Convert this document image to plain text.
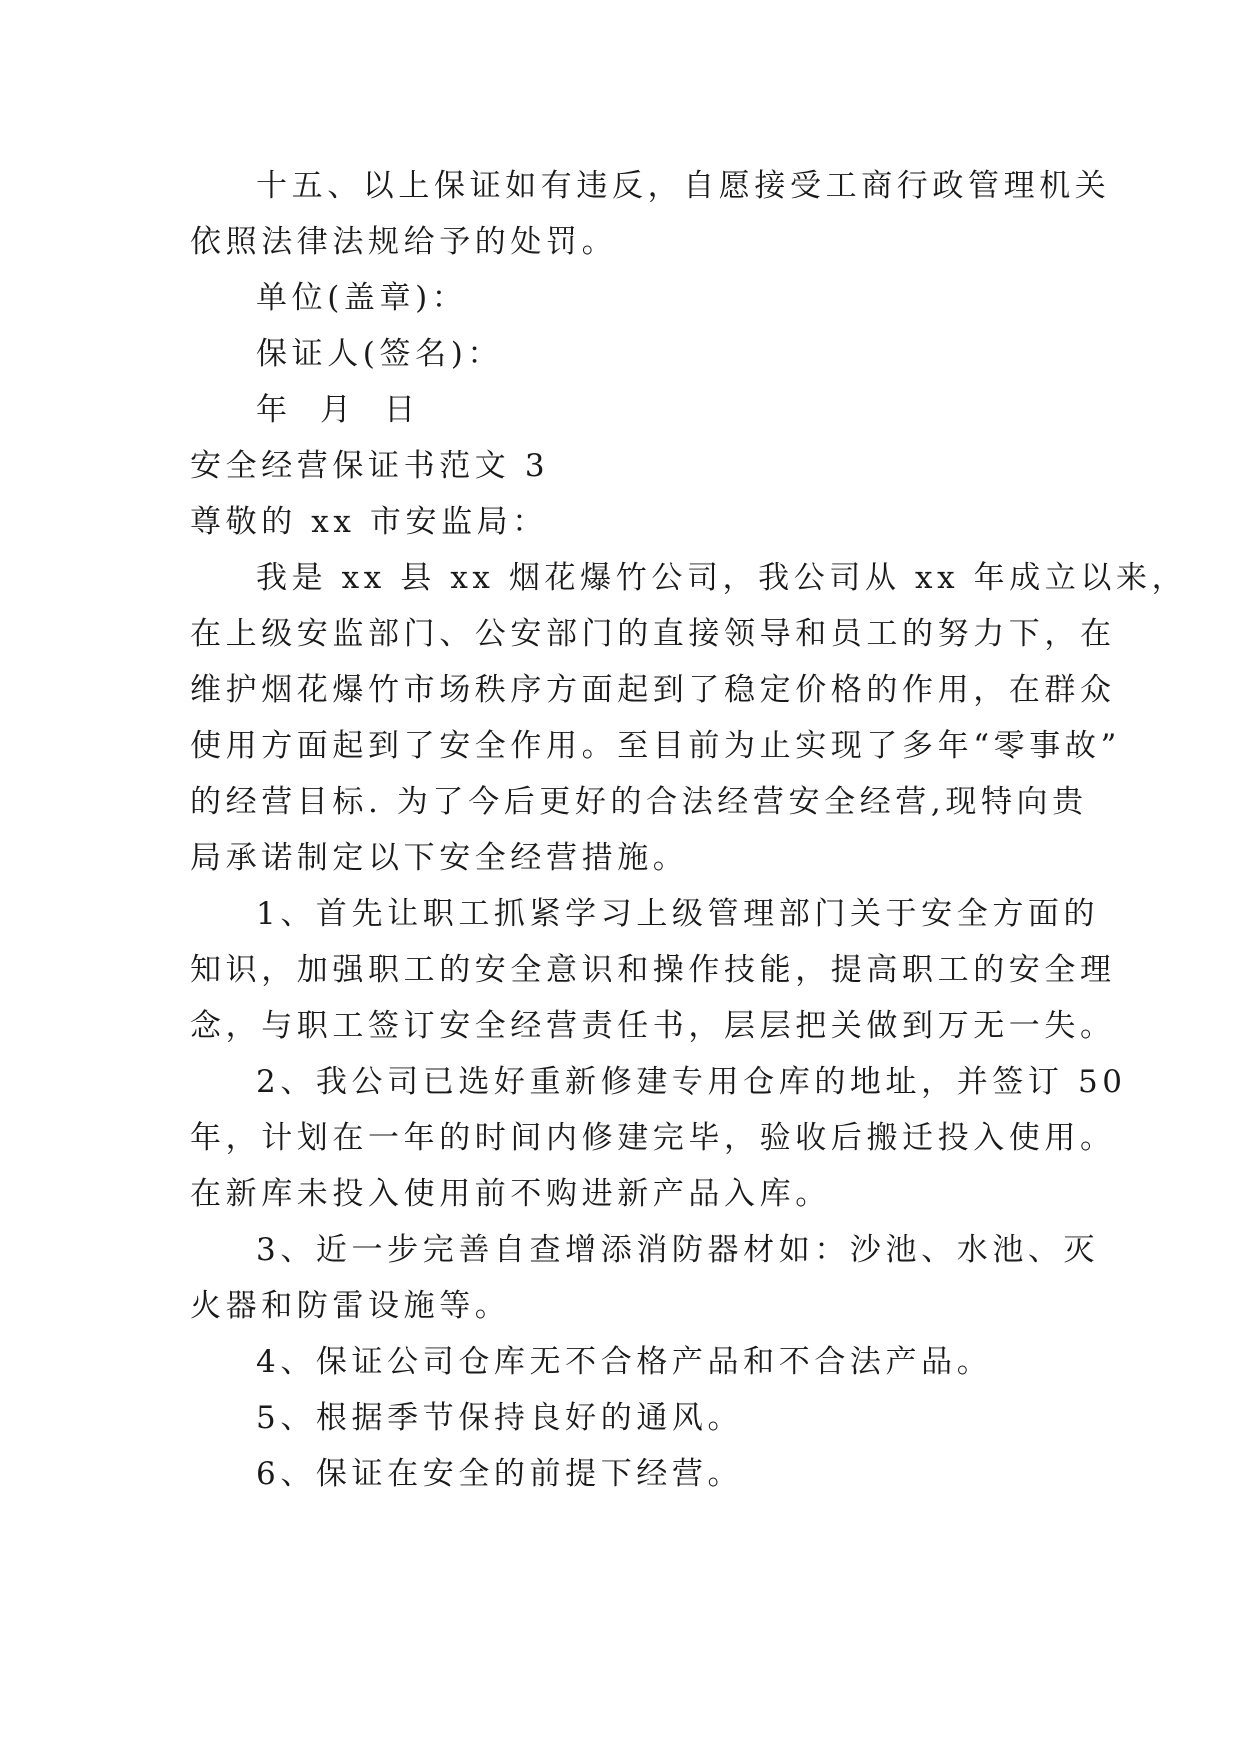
十五、以上保证如有违反，自愿接受工商行政管理机关
依照法律法规给予的处罚。
单位(盖章)：
保证人(签名)：
年 月 日
安全经营保证书范文 3
尊敬的 xx 市安监局：
我是 xx 县 xx 烟花爆竹公司，我公司从 xx 年成立以来，
在上级安监部门、公安部门的直接领导和员工的努力下，在
维护烟花爆竹市场秩序方面起到了稳定价格的作用，在群众
使用方面起到了安全作用。至目前为止实现了多年“零事故”
的经营目标. 为了今后更好的合法经营安全经营,现特向贵
局承诺制定以下安全经营措施。
1、首先让职工抓紧学习上级管理部门关于安全方面的
知识，加强职工的安全意识和操作技能，提高职工的安全理
念，与职工签订安全经营责任书，层层把关做到万无一失。
2、我公司已选好重新修建专用仓库的地址，并签订 50
年，计划在一年的时间内修建完毕，验收后搬迁投入使用。
在新库未投入使用前不购进新产品入库。
3、近一步完善自查增添消防器材如：沙池、水池、灭
火器和防雷设施等。
4、保证公司仓库无不合格产品和不合法产品。
5、根据季节保持良好的通风。
6、保证在安全的前提下经营。
